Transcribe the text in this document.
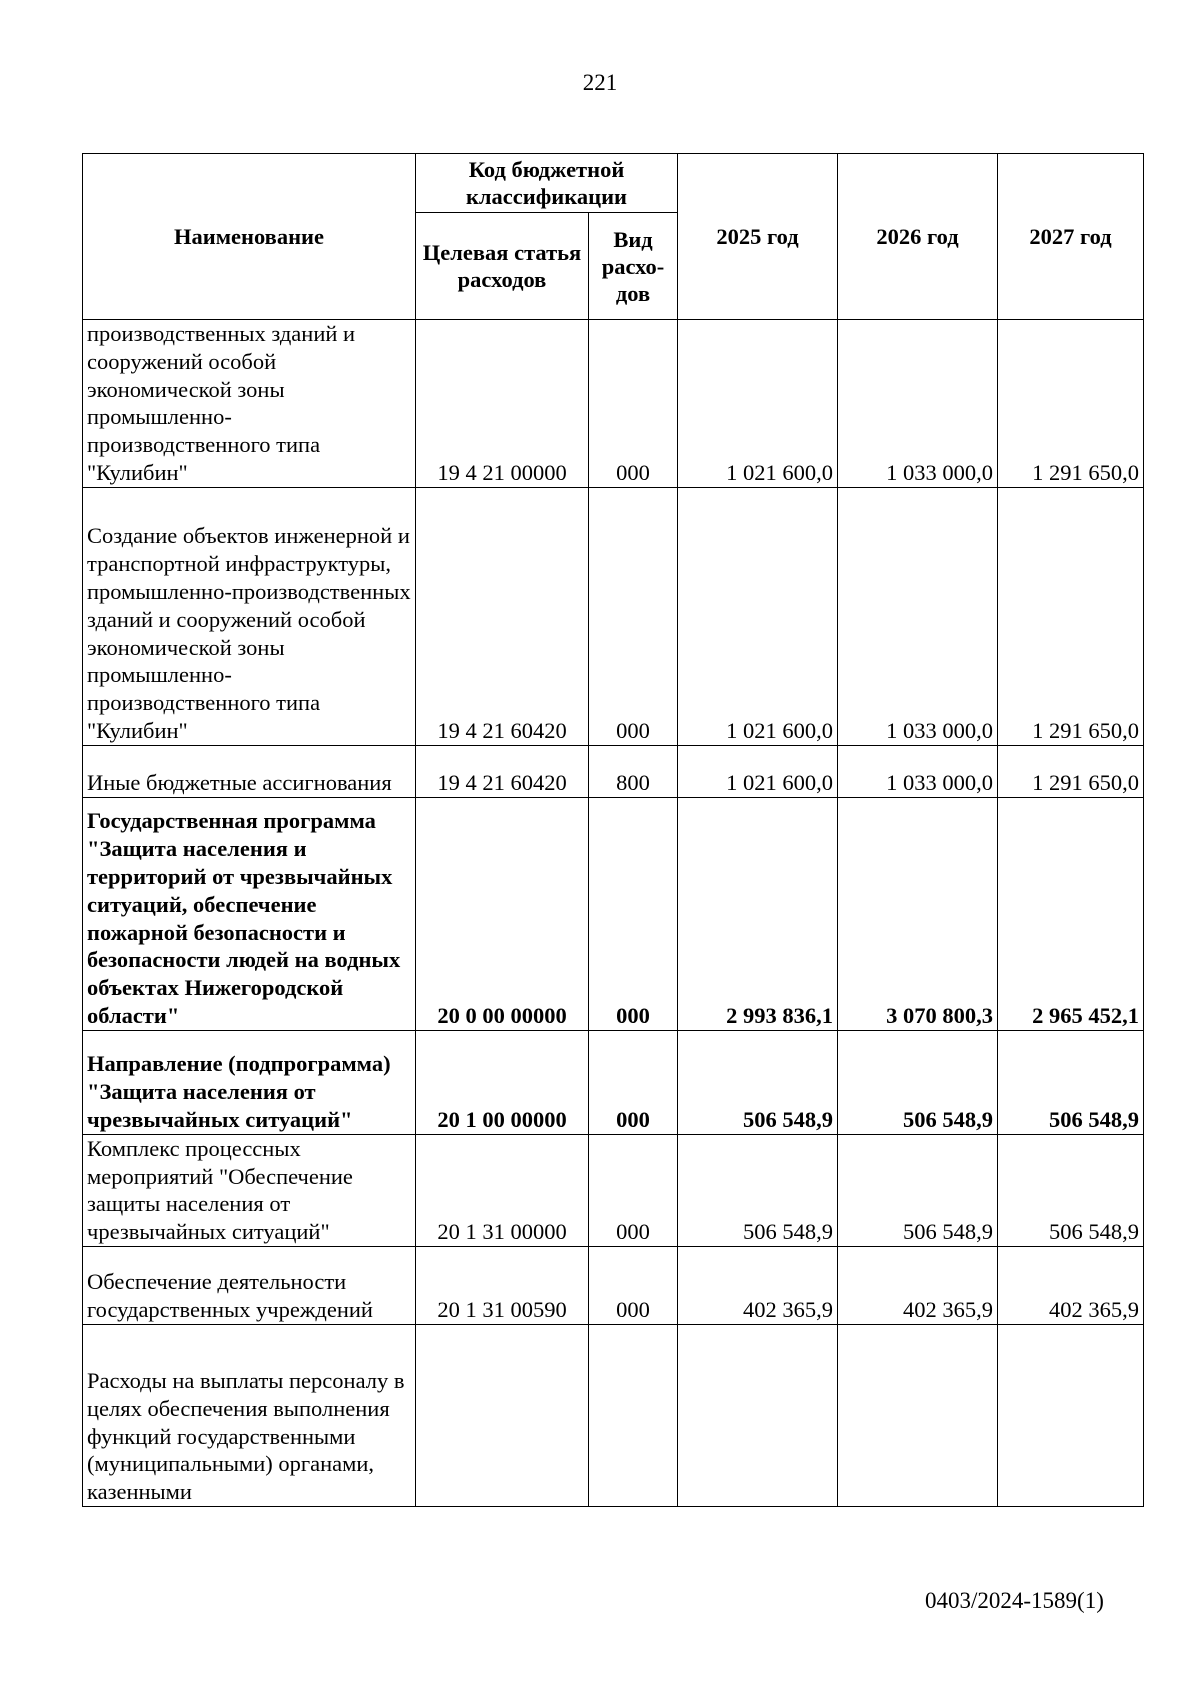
221
Наименование	Код бюджетной классификации		2025 год	2026 год	2027 год
	Целевая статья расходов	Вид расхо-дов			
производственных зданий и сооружений особой экономической зоны промышленно-производственного типа "Кулибин"	19 4 21 00000	000	1 021 600,0	1 033 000,0	1 291 650,0
Создание объектов инженерной и транспортной инфраструктуры, промышленно-производственных зданий и сооружений особой экономической зоны промышленно-производственного типа "Кулибин"	19 4 21 60420	000	1 021 600,0	1 033 000,0	1 291 650,0
Иные бюджетные ассигнования	19 4 21 60420	800	1 021 600,0	1 033 000,0	1 291 650,0
Государственная программа "Защита населения и территорий от чрезвычайных ситуаций, обеспечение пожарной безопасности и безопасности людей на водных объектах Нижегородской области"	20 0 00 00000	000	2 993 836,1	3 070 800,3	2 965 452,1
Направление (подпрограмма) "Защита населения от чрезвычайных ситуаций"	20 1 00 00000	000	506 548,9	506 548,9	506 548,9
Комплекс процессных мероприятий "Обеспечение защиты населения от чрезвычайных ситуаций"	20 1 31 00000	000	506 548,9	506 548,9	506 548,9
Обеспечение деятельности государственных учреждений	20 1 31 00590	000	402 365,9	402 365,9	402 365,9
Расходы на выплаты персоналу в целях обеспечения выполнения функций государственными (муниципальными) органами, казенными					
0403/2024-1589(1)
